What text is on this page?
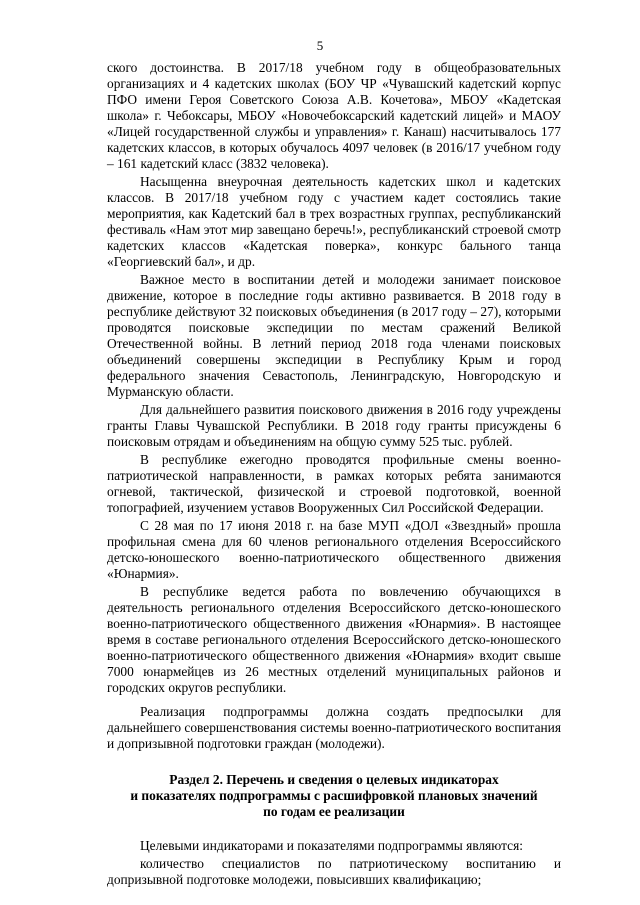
5

ского достоинства. В 2017/18 учебном году в общеобразовательных организациях и 4 кадетских школах (БОУ ЧР «Чувашский кадетский корпус ПФО имени Героя Советского Союза А.В. Кочетова», МБОУ «Кадетская школа» г. Чебоксары, МБОУ «Новочебоксарский кадетский лицей» и МАОУ «Лицей государственной службы и управления» г. Канаш) насчитывалось 177 кадетских классов, в которых обучалось 4097 человек (в 2016/17 учебном году – 161 кадетский класс (3832 человека).

Насыщенна внеурочная деятельность кадетских школ и кадетских классов. В 2017/18 учебном году с участием кадет состоялись такие мероприятия, как Кадетский бал в трех возрастных группах, республиканский фестиваль «Нам этот мир завещано беречь!», республиканский строевой смотр кадетских классов «Кадетская поверка», конкурс бального танца «Георгиевский бал», и др.

Важное место в воспитании детей и молодежи занимает поисковое движение, которое в последние годы активно развивается. В 2018 году в республике действуют 32 поисковых объединения (в 2017 году – 27), которыми проводятся поисковые экспедиции по местам сражений Великой Отечественной войны. В летний период 2018 года членами поисковых объединений совершены экспедиции в Республику Крым и город федерального значения Севастополь, Ленинградскую, Новгородскую и Мурманскую области.

Для дальнейшего развития поискового движения в 2016 году учреждены гранты Главы Чувашской Республики. В 2018 году гранты присуждены 6 поисковым отрядам и объединениям на общую сумму 525 тыс. рублей.

В республике ежегодно проводятся профильные смены военно-патриотической направленности, в рамках которых ребята занимаются огневой, тактической, физической и строевой подготовкой, военной топографией, изучением уставов Вооруженных Сил Российской Федерации.

С 28 мая по 17 июня 2018 г. на базе МУП «ДОЛ «Звездный» прошла профильная смена для 60 членов регионального отделения Всероссийского детско-юношеского военно-патриотического общественного движения «Юнармия».

В республике ведется работа по вовлечению обучающихся в деятельность регионального отделения Всероссийского детско-юношеского военно-патриотического общественного движения «Юнармия». В настоящее время в составе регионального отделения Всероссийского детско-юношеского военно-патриотического общественного движения «Юнармия» входит свыше 7000 юнармейцев из 26 местных отделений муниципальных районов и городских округов республики.

Реализация подпрограммы должна создать предпосылки для дальнейшего совершенствования системы военно-патриотического воспитания и допризывной подготовки граждан (молодежи).

Раздел 2. Перечень и сведения о целевых индикаторах
и показателях подпрограммы с расшифровкой плановых значений
по годам ее реализации

Целевыми индикаторами и показателями подпрограммы являются:

количество специалистов по патриотическому воспитанию и допризывной подготовке молодежи, повысивших квалификацию;
